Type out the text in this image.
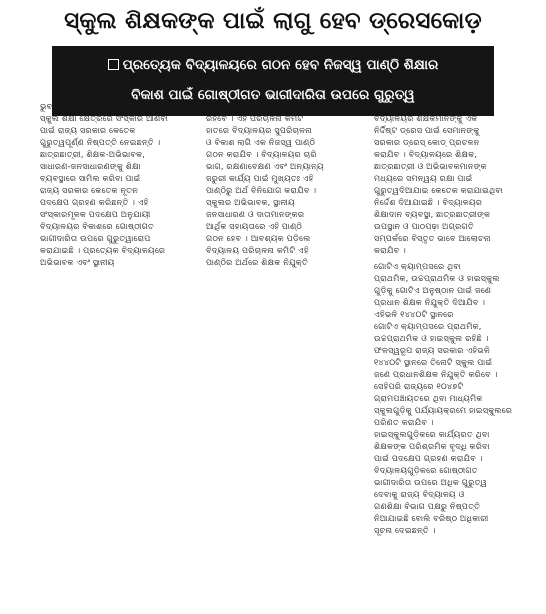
ସ୍କୁଲ ଶିକ୍ଷକଙ୍କ ପାଇଁ ଲାଗୁ ହେବ ଡ୍ରେସକୋଡ଼
ପ୍ରତ୍ୟେକ ବିଦ୍ୟାଳୟରେ ଗଠନ ହେବ ନିଜସ୍ୱ ପାଣ୍ଠି ଶିକ୍ଷାର
ବିକାଶ ପାଇଁ ଗୋଷ୍ଠୀଗତ ଭାଗୀଦାରିତା ଉପରେ ଗୁରୁତ୍ୱ
ଭୁବନେଶ୍ୱର, ତା ୧୯ (ବ୍ୟୁ.ପ୍ର.)-
ସ୍କୁଲ ଶିକ୍ଷା କ୍ଷେତ୍ରରେ ସଂସ୍କାର ଆଣିବା
ପାଇଁ ରାଜ୍ୟ ସରକାର କେତେକ
ଗୁରୁତ୍ୱପୂର୍ଣ୍ଣ ନିଷ୍ପତ୍ତି ନେଇଛନ୍ତି ।
ଛାତ୍ରଛାତ୍ରୀ, ଶିକ୍ଷକ-ଅଭିଭାବକ,
ସାଧାରଣ-ଜନସାଧାରଣଙ୍କୁ ଶିକ୍ଷା
ବ୍ୟବସ୍ଥାରେ ସାମିଲ କରିବା ପାଇଁ
ରାଜ୍ୟ ସରକାର କେତେକ ନୂତନ
ପଦକ୍ଷେପ ଗ୍ରହଣ କରିଛନ୍ତି । ଏହି
ସଂସ୍କାରମୂଳକ ପଦକ୍ଷେପ ଅନୁଯାୟୀ
ବିଦ୍ୟାଳୟର ବିକାଶରେ ଗୋଷ୍ଠୀଗତ
ଭାଗୀଦାରିତା ଉପରେ ଗୁରୁତ୍ୱାରୋପ
କରାଯାଇଛି । ପ୍ରତ୍ୟେକ ବିଦ୍ୟାଳୟରେ
ଅଭିଭାବକ ଏବଂ ସ୍ଥାନୀୟ
ଜନସାଧାରଣ ପରିଚାଳନା କମିଟିରେ
ରହିବେ । ଏହି ପରିଚାଳନା କମିଟି
ହାତରେ ବିଦ୍ୟାଳୟର ସୁପରିଚାଳନା
ଓ ବିକାଶ ଲାଗି ଏକ ନିଜସ୍ୱ ପାଣ୍ଠି
ଗଠନ କରାଯିବ । ବିଦ୍ୟାଳୟର ଚାରି
ଭାଗ, ରକ୍ଷଣାବେକ୍ଷଣ ଏବଂ ଅନ୍ୟାନ୍ୟ
ଜରୁରୀ କାର୍ଯ୍ୟ ପାଇଁ ମୁଖ୍ୟତଃ ଏହି
ପାଣ୍ଠିରୁ ଅର୍ଥ ବିନିଯୋଗ କରାଯିବ ।
ସ୍କୁଲର ଅଭିଭାବକ, ସ୍ଥାନୀୟ
ଜନସାଧାରଣ ଓ ଦାତାମାନଙ୍କର
ଆର୍ଥିକ ସହାୟତାରେ ଏହି ପାଣ୍ଠି
ଗଠନ ହେବ । ଆବଶ୍ୟକ ପଡ଼ିଲେ
ବିଦ୍ୟାଳୟ ପରିଚାଳନା କମିଟି ଏହି
ପାଣ୍ଠିର ଅର୍ଥରେ ଶିକ୍ଷକ ନିଯୁକ୍ତି
କରିପାରିବେ ।
ବିଦ୍ୟାଳୟର ଶିକ୍ଷକମାନଙ୍କୁ ଏକ
ନିର୍ଦ୍ଦିଷ୍ଟ ଡ୍ରେସ ପାଇଁ ସେମାନଙ୍କୁ
ସରକାର ଡ୍ରେସ୍ କୋଡ୍ ପ୍ରଚଳନ
କରାଯିବ । ବିଦ୍ୟାଳୟରେ ଶିକ୍ଷକ,
ଛାତ୍ରଛାତ୍ରୀ ଓ ଅଭିଭାବକମାନଙ୍କ
ମଧ୍ୟରେ ସମନ୍ୱୟ ରକ୍ଷା ପାଇଁ
ଗୁରୁତ୍ୱଦିଆଯାଇ କେତେକ କରାଯାଇଥିବା
ନିର୍ଦ୍ଦେଶ ଦିଆଯାଇଛି । ବିଦ୍ୟାଳୟର
ଶିକ୍ଷାଦାନ ବ୍ୟବସ୍ଥା, ଛାତ୍ରଛାତ୍ରୀଙ୍କ
ଉପସ୍ଥାନ ଓ ପାଠପଢ଼ା ଅଗ୍ରଗତି
ସମ୍ପର୍କରେ ବିସ୍ତୃତ ଭାବେ ଆଲୋଚନା
କରାଯିବ ।
ଗୋଟିଏ କ୍ୟାମ୍ପସରେ ଥିବା
ପ୍ରାଥମିକ, ଉଚ୍ଚପ୍ରାଥମିକ ଓ ହାଇସ୍କୁଲ
ଗୁଡ଼ିକୁ ଗୋଟିଏ ଅନୁଷ୍ଠାନ ପାଇଁ ଜଣେ
ପ୍ରଧାନ ଶିକ୍ଷକ ନିଯୁକ୍ତି ଦିଆଯିବ ।
ଏହିଭଳି ୧୪୪୦ଟି ସ୍ଥାନରେ
ଗୋଟିଏ କ୍ୟାମ୍ପସରେ ପ୍ରାଥମିକ,
ଉଚ୍ଚପ୍ରାଥମିକ ଓ ହାଇସ୍କୁଲ ରହିଛି ।
ଫଳସ୍ୱରୂପ ରାଜ୍ୟ ସରକାର ଏହିଭଳି
୧୪୪୦ଟି ସ୍ଥାନରେ ତିନୋଟି ସ୍କୁଲ ପାଇଁ
ଜଣେ ପ୍ରଧାନଶିକ୍ଷକ ନିଯୁକ୍ତି କରିବେ ।
ସେହିପରି ରାଜ୍ୟରେ ୧୦୪୭ଟି
ଗ୍ରାମପଞ୍ଚାୟତରେ ଥିବା ମାଧ୍ୟମିକ
ସ୍କୁଲଗୁଡ଼ିକୁ ପର୍ଯ୍ୟାୟକ୍ରମେ ହାଇସ୍କୁଲରେ
ପରିଣତ କରାଯିବ ।
ହାଇସ୍କୁଲଗୁଡ଼ିକରେ କାର୍ଯ୍ୟରତ ଥିବା
ଶିକ୍ଷକଙ୍କ ପରିଶ୍ରମିକ ବୃଦ୍ଧି କରିବା
ପାଇଁ ପଦକ୍ଷେପ ଗ୍ରହଣ କରାଯିବ ।
ବିଦ୍ୟାଳୟଗୁଡ଼ିକରେ ଗୋଷ୍ଠୀଗତ
ଭାଗୀଦାରିତା ଉପରେ ଅଧିକ ଗୁରୁତ୍ୱ
ଦେବାକୁ ରାଜ୍ୟ ବିଦ୍ୟାଳୟ ଓ
ଗଣଶିକ୍ଷା ବିଭାଗ ପକ୍ଷରୁ ନିଷ୍ପତ୍ତି
ନିଆଯାଇଛି ବୋଲି ବରିଷ୍ଠ ଅଧିକାରୀ
ସୂଚନା ଦେଇଛନ୍ତି ।
